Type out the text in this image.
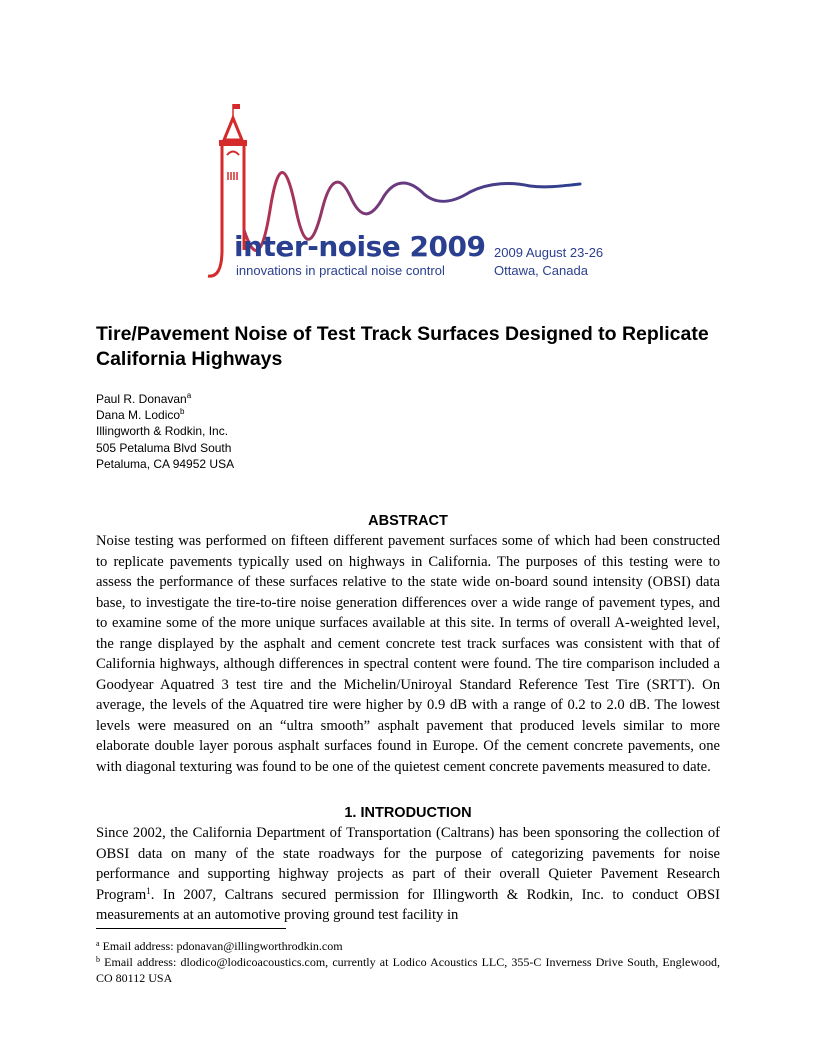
inter-noise 2009
innovations in practical noise control
2009 August 23-26
Ottawa, Canada
Tire/Pavement Noise of Test Track Surfaces Designed to Replicate California Highways
Paul R. Donavan$^a$
Dana M. Lodico$^b$
Illingworth & Rodkin, Inc.
505 Petaluma Blvd South
Petaluma, CA 94952 USA
ABSTRACT

Noise testing was performed on fifteen different pavement surfaces some of which had been constructed to replicate pavements typically used on highways in California. The purposes of this testing were to assess the performance of these surfaces relative to the state wide on-board sound intensity (OBSI) data base, to investigate the tire-to-tire noise generation differences over a wide range of pavement types, and to examine some of the more unique surfaces available at this site. In terms of overall A-weighted level, the range displayed by the asphalt and cement concrete test track surfaces was consistent with that of California highways, although differences in spectral content were found. The tire comparison included a Goodyear Aquatred 3 test tire and the Michelin/Uniroyal Standard Reference Test Tire (SRTT). On average, the levels of the Aquatred tire were higher by 0.9 dB with a range of 0.2 to 2.0 dB. The lowest levels were measured on an “ultra smooth” asphalt pavement that produced levels similar to more elaborate double layer porous asphalt surfaces found in Europe. Of the cement concrete pavements, one with diagonal texturing was found to be one of the quietest cement concrete pavements measured to date.

1. INTRODUCTION

Since 2002, the California Department of Transportation (Caltrans) has been sponsoring the collection of OBSI data on many of the state roadways for the purpose of categorizing pavements for noise performance and supporting highway projects as part of their overall Quieter Pavement Research Program$^1$. In 2007, Caltrans secured permission for Illingworth & Rodkin, Inc. to conduct OBSI measurements at an automotive proving ground test facility in

$^a$ Email address: pdonavan@illingworthrodkin.com
$^b$ Email address: dlodico@lodicoacoustics.com, currently at Lodico Acoustics LLC, 355-C Inverness Drive South, Englewood, CO 80112 USA
